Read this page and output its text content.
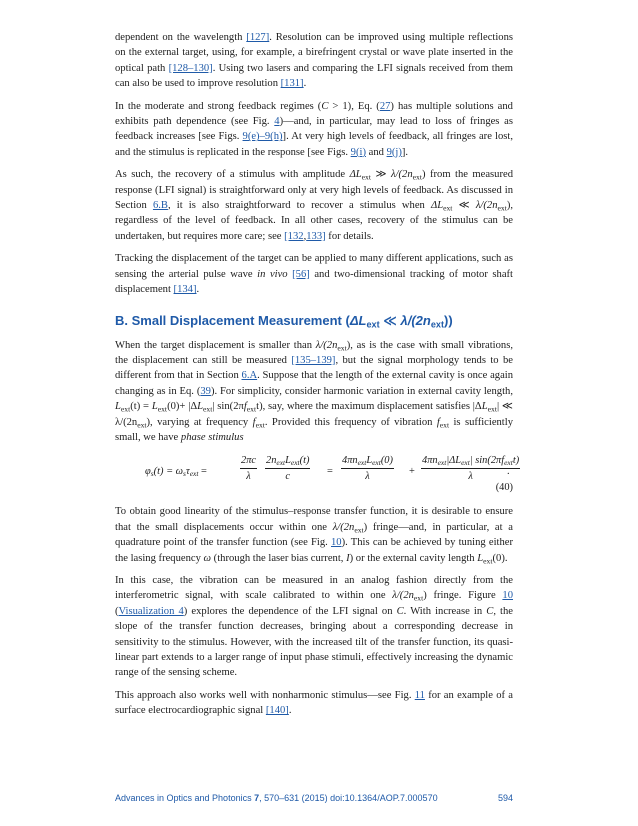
dependent on the wavelength [127]. Resolution can be improved using multiple reflections on the external target, using, for example, a birefringent crystal or wave plate inserted in the optical path [128–130]. Using two lasers and comparing the LFI signals received from them can also be used to improve resolution [131].

In the moderate and strong feedback regimes (C > 1), Eq. (27) has multiple solutions and exhibits path dependence (see Fig. 4)—and, in particular, may lead to loss of fringes as feedback increases [see Figs. 9(e)–9(h)]. At very high levels of feedback, all fringes are lost, and the stimulus is replicated in the response [see Figs. 9(i) and 9(j)].

As such, the recovery of a stimulus with amplitude $\Delta L_{ext}$ ≫ $\lambda/(2n_{ext})$ from the measured response (LFI signal) is straightforward only at very high levels of feedback. As discussed in Section 6.B, it is also straightforward to recover a stimulus when $\Delta L_{ext}$ ≪ $\lambda/(2n_{ext})$, regardless of the level of feedback. In all other cases, recovery of the stimulus can be undertaken, but requires more care; see [132,133] for details.

Tracking the displacement of the target can be applied to many different applications, such as sensing the arterial pulse wave in vivo [56] and two-dimensional tracking of motor shaft displacement [134].

B. Small Displacement Measurement ($\Delta L_{ext}$ ≪ $\lambda/(2n_{ext})$)

When the target displacement is smaller than $\lambda/(2n_{ext})$, as is the case with small vibrations, the displacement can still be measured [135–139], but the signal morphology tends to be different from that in Section 6.A. Suppose that the length of the external cavity is once again changing as in Eq. (39). For simplicity, consider harmonic variation in external cavity length, $L_{ext}(t) = L_{ext}(0)+ |\Delta L_{ext}|$ $\sin(2\pi f_{ext}t)$, say, where the maximum displacement satisfies $|\Delta L_{ext}|$ ≪ $\lambda/(2n_{ext})$, varying at frequency $f_{ext}$. Provided this frequency of vibration $f_{ext}$ is sufficiently small, we have phase stimulus

$\varphi_s(t) = \omega_s\tau_{ext}$ =	$\frac{2\pi c}{\lambda} 2n_{ext}L_{ext}(t)$
c	=
$4\pi n_{ext}L_{ext}(0)$
λ	+
$4\pi n_{ext}|\Delta L_{ext}|$ $\sin(2\pi f_{ext}t)$
λ	.
(40)

To obtain good linearity of the stimulus–response transfer function, it is desirable to ensure that the small displacements occur within one $\lambda/(2n_{ext})$ fringe—and, in particular, at a quadrature point of the transfer function (see Fig. 10). This can be achieved by tuning either the lasing frequency ω (through the laser bias current, I) or the external cavity length $L_{ext}(0)$.

In this case, the vibration can be measured in an analog fashion directly from the interferometric signal, with scale calibrated to within one $\lambda/(2n_{ext})$ fringe. Figure 10 (Visualization 4) explores the dependence of the LFI signal on C. With increase in C, the slope of the transfer function decreases, bringing about a corresponding decrease in sensitivity to the stimulus. However, with the increased tilt of the transfer function, its quasi-linear part extends to a larger range of input phase stimuli, effectively increasing the dynamic range of the sensing scheme.

This approach also works well with nonharmonic stimulus—see Fig. 11 for an example of a surface electrocardiographic signal [140].

Advances in Optics and Photonics 7, 570–631 (2015) doi:10.1364/AOP.7.000570	594
